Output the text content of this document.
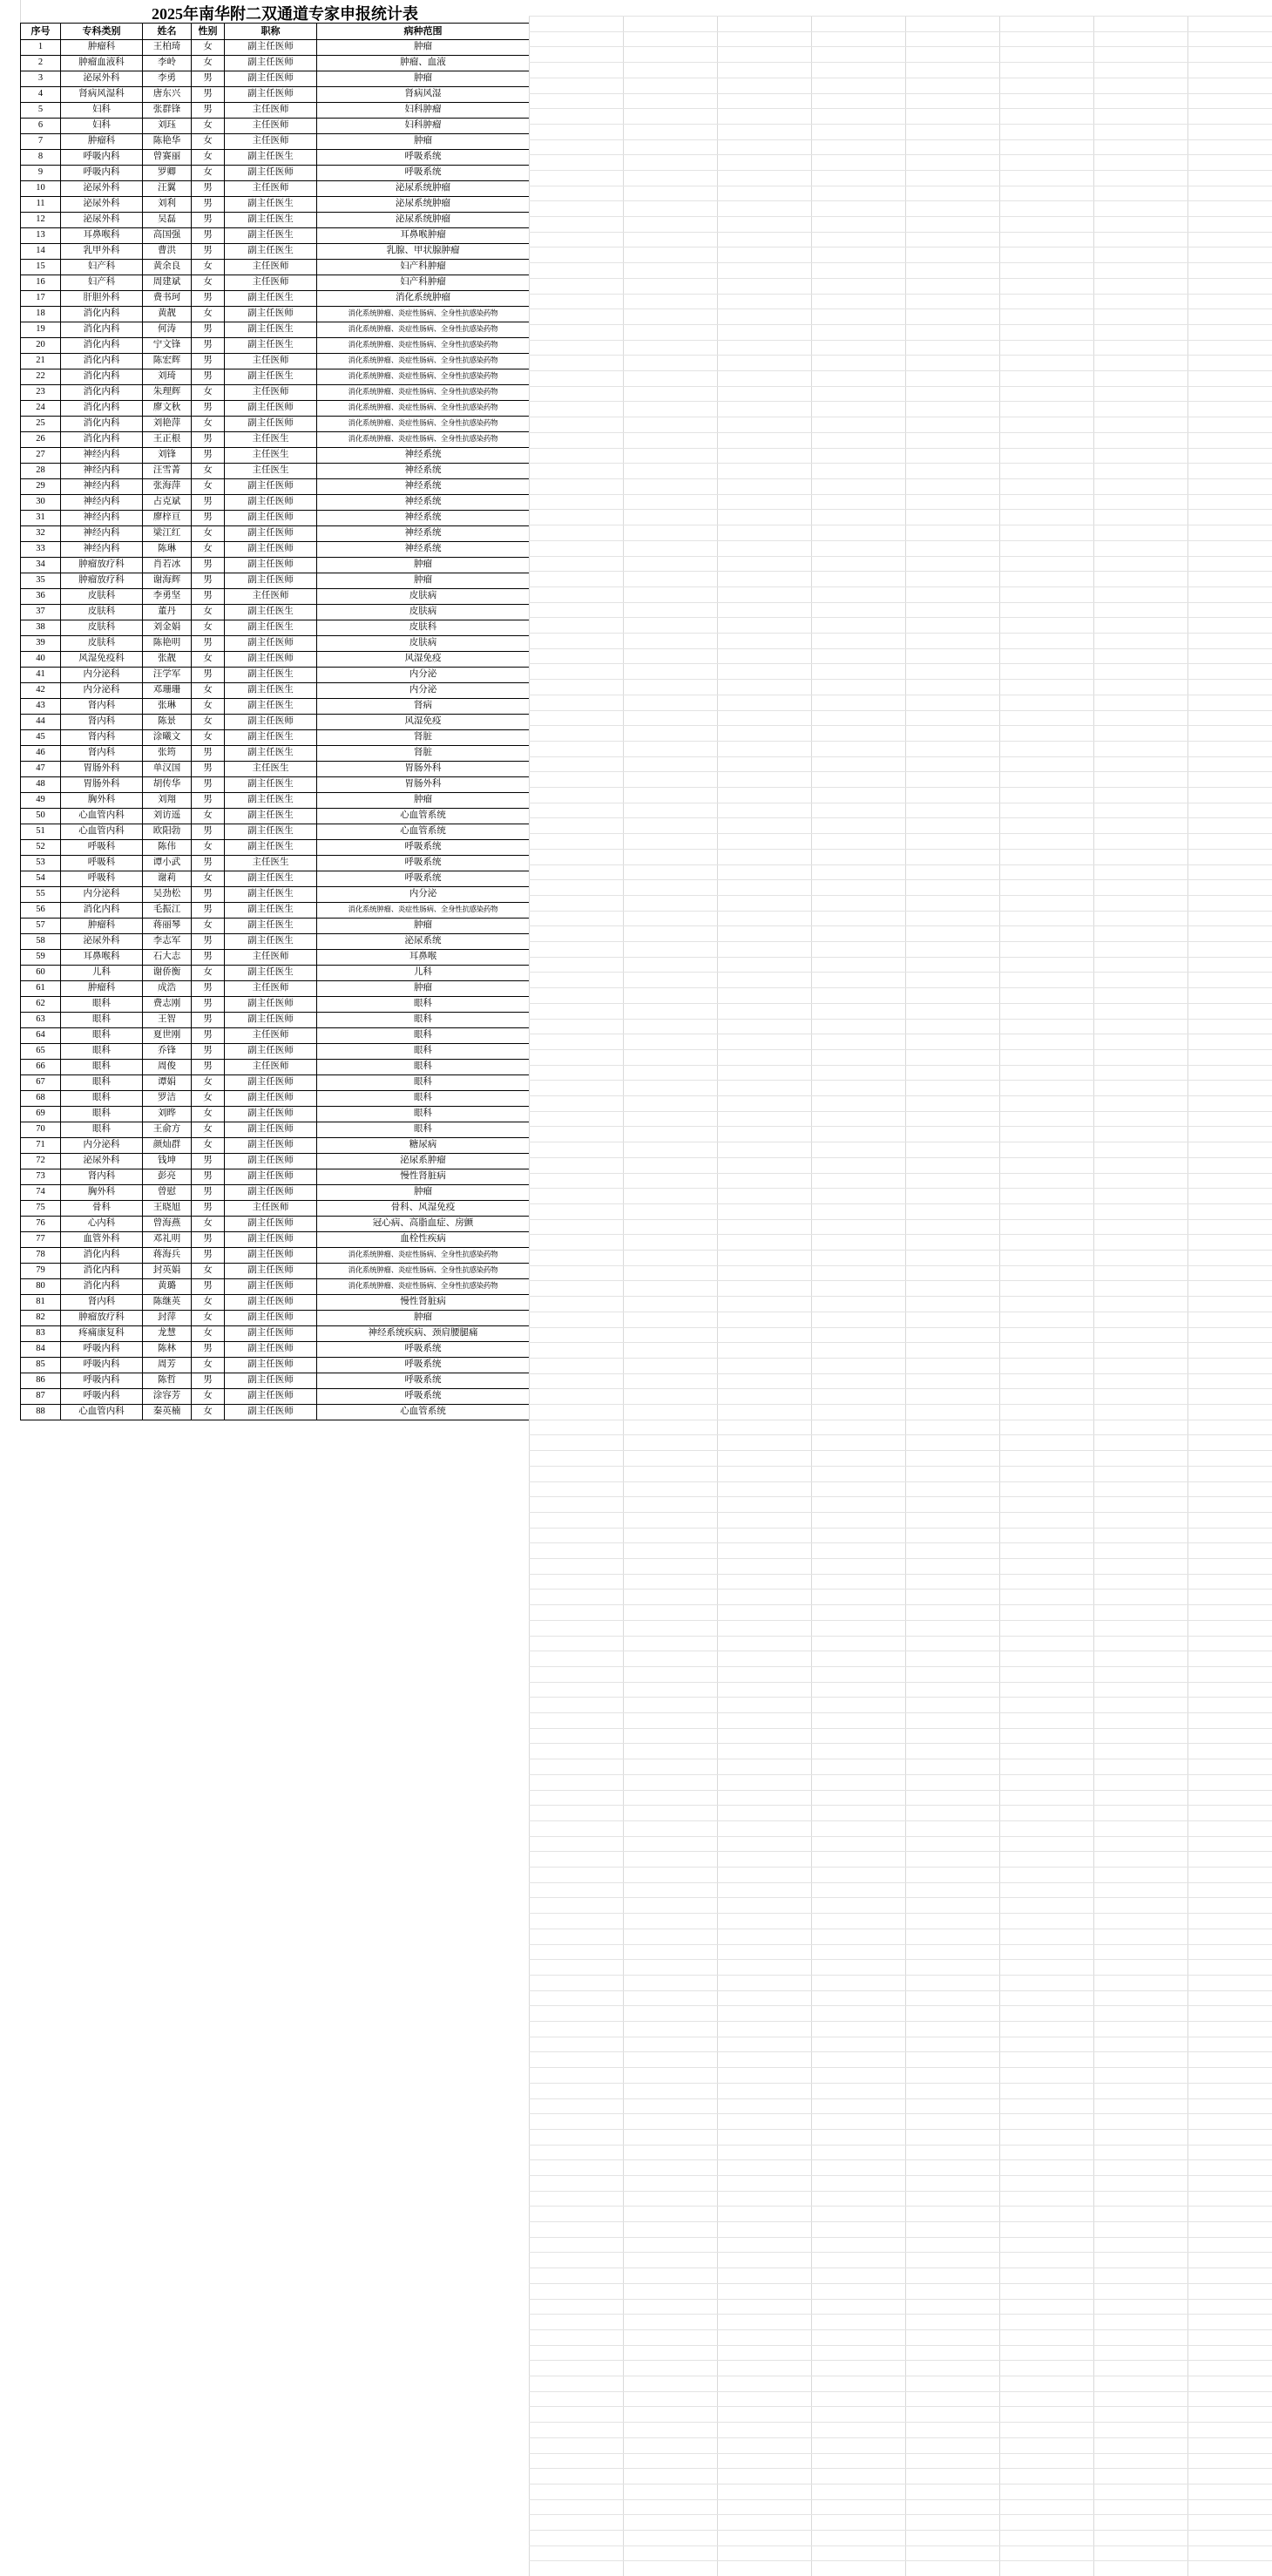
2025年南华附二双通道专家申报统计表
序号	专科类别	姓名	性别	职称	病种范围
1	肿瘤科	王柏琦	女	副主任医师	肿瘤
2	肿瘤血液科	李岭	女	副主任医师	肿瘤、血液
3	泌尿外科	李勇	男	副主任医师	肿瘤
4	肾病风湿科	唐东兴	男	副主任医师	肾病风湿
5	妇科	张群锋	男	主任医师	妇科肿瘤
6	妇科	刘珏	女	主任医师	妇科肿瘤
7	肿瘤科	陈艳华	女	主任医师	肿瘤
8	呼吸内科	曾赛丽	女	副主任医生	呼吸系统
9	呼吸内科	罗卿	女	副主任医师	呼吸系统
10	泌尿外科	汪翼	男	主任医师	泌尿系统肿瘤
11	泌尿外科	刘利	男	副主任医生	泌尿系统肿瘤
12	泌尿外科	吴磊	男	副主任医生	泌尿系统肿瘤
13	耳鼻喉科	高国强	男	副主任医生	耳鼻喉肿瘤
14	乳甲外科	曹洪	男	副主任医生	乳腺、甲状腺肿瘤
15	妇产科	黄余良	女	主任医师	妇产科肿瘤
16	妇产科	周建斌	女	主任医师	妇产科肿瘤
17	肝胆外科	费书珂	男	副主任医生	消化系统肿瘤
18	消化内科	黄靓	女	副主任医师	消化系统肿瘤、炎症性肠病、全身性抗感染药物
19	消化内科	何涛	男	副主任医生	消化系统肿瘤、炎症性肠病、全身性抗感染药物
20	消化内科	宁文锋	男	副主任医生	消化系统肿瘤、炎症性肠病、全身性抗感染药物
21	消化内科	陈宏辉	男	主任医师	消化系统肿瘤、炎症性肠病、全身性抗感染药物
22	消化内科	刘琦	男	副主任医生	消化系统肿瘤、炎症性肠病、全身性抗感染药物
23	消化内科	朱理辉	女	主任医师	消化系统肿瘤、炎症性肠病、全身性抗感染药物
24	消化内科	廖文秋	男	副主任医师	消化系统肿瘤、炎症性肠病、全身性抗感染药物
25	消化内科	刘艳萍	女	副主任医师	消化系统肿瘤、炎症性肠病、全身性抗感染药物
26	消化内科	王正根	男	主任医生	消化系统肿瘤、炎症性肠病、全身性抗感染药物
27	神经内科	刘锋	男	主任医生	神经系统
28	神经内科	汪雪菁	女	主任医生	神经系统
29	神经内科	张海萍	女	副主任医师	神经系统
30	神经内科	占克斌	男	副主任医师	神经系统
31	神经内科	廖梓亘	男	副主任医师	神经系统
32	神经内科	梁江红	女	副主任医师	神经系统
33	神经内科	陈琳	女	副主任医师	神经系统
34	肿瘤放疗科	肖若冰	男	副主任医师	肿瘤
35	肿瘤放疗科	谢海辉	男	副主任医师	肿瘤
36	皮肤科	李勇坚	男	主任医师	皮肤病
37	皮肤科	董丹	女	副主任医生	皮肤病
38	皮肤科	刘金娟	女	副主任医生	皮肤科
39	皮肤科	陈艳明	男	副主任医师	皮肤病
40	风湿免疫科	张靓	女	副主任医师	风湿免疫
41	内分泌科	汪学军	男	副主任医生	内分泌
42	内分泌科	邓珊珊	女	副主任医生	内分泌
43	肾内科	张琳	女	副主任医生	肾病
44	肾内科	陈景	女	副主任医师	风湿免疫
45	肾内科	涂曦文	女	副主任医生	肾脏
46	肾内科	张筠	男	副主任医生	肾脏
47	胃肠外科	单汉国	男	主任医生	胃肠外科
48	胃肠外科	胡传华	男	副主任医生	胃肠外科
49	胸外科	刘翔	男	副主任医生	肿瘤
50	心血管内科	刘访遥	女	副主任医生	心血管系统
51	心血管内科	欧阳勃	男	副主任医生	心血管系统
52	呼吸科	陈伟	女	副主任医生	呼吸系统
53	呼吸科	谭小武	男	主任医生	呼吸系统
54	呼吸科	谢莉	女	副主任医生	呼吸系统
55	内分泌科	吴劲松	男	副主任医生	内分泌
56	消化内科	毛振江	男	副主任医生	消化系统肿瘤、炎症性肠病、全身性抗感染药物
57	肿瘤科	蒋丽琴	女	副主任医生	肿瘤
58	泌尿外科	李志军	男	副主任医生	泌尿系统
59	耳鼻喉科	石大志	男	主任医师	耳鼻喉
60	儿科	谢侨衡	女	副主任医生	儿科
61	肿瘤科	成浩	男	主任医师	肿瘤
62	眼科	费志刚	男	副主任医师	眼科
63	眼科	王智	男	副主任医师	眼科
64	眼科	夏世刚	男	主任医师	眼科
65	眼科	乔锋	男	副主任医师	眼科
66	眼科	周俊	男	主任医师	眼科
67	眼科	谭娟	女	副主任医师	眼科
68	眼科	罗洁	女	副主任医师	眼科
69	眼科	刘晔	女	副主任医师	眼科
70	眼科	王俞方	女	副主任医师	眼科
71	内分泌科	颜灿群	女	副主任医师	糖尿病
72	泌尿外科	钱坤	男	副主任医师	泌尿系肿瘤
73	肾内科	彭亮	男	副主任医师	慢性肾脏病
74	胸外科	曾慰	男	副主任医师	肿瘤
75	骨科	王晓旭	男	主任医师	骨科、风湿免疫
76	心内科	曾海燕	女	副主任医师	冠心病、高脂血症、房颤
77	血管外科	邓礼明	男	副主任医师	血栓性疾病
78	消化内科	蒋海兵	男	副主任医师	消化系统肿瘤、炎症性肠病、全身性抗感染药物
79	消化内科	封英娟	女	副主任医师	消化系统肿瘤、炎症性肠病、全身性抗感染药物
80	消化内科	黄璐	男	副主任医师	消化系统肿瘤、炎症性肠病、全身性抗感染药物
81	肾内科	陈继英	女	副主任医师	慢性肾脏病
82	肿瘤放疗科	封萍	女	副主任医师	肿瘤
83	疼痛康复科	龙慧	女	副主任医师	神经系统疾病、颈肩腰腿痛
84	呼吸内科	陈林	男	副主任医师	呼吸系统
85	呼吸内科	周芳	女	副主任医师	呼吸系统
86	呼吸内科	陈哲	男	副主任医师	呼吸系统
87	呼吸内科	涂容芳	女	副主任医师	呼吸系统
88	心血管内科	秦英楠	女	副主任医师	心血管系统
